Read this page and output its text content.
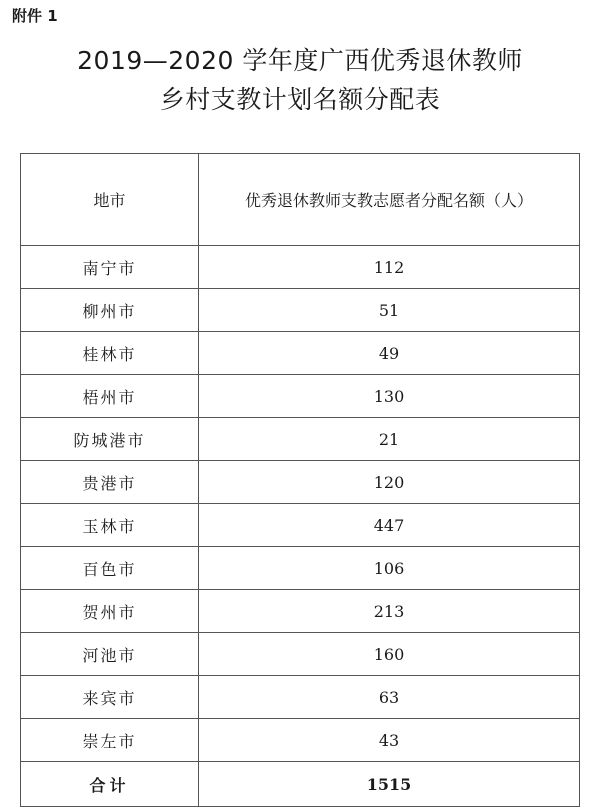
附件 1
2019—2020 学年度广西优秀退休教师
乡村支教计划名额分配表
地市	优秀退休教师支教志愿者分配名额（人）
南宁市	112
柳州市	51
桂林市	49
梧州市	130
防城港市	21
贵港市	120
玉林市	447
百色市	106
贺州市	213
河池市	160
来宾市	63
崇左市	43
合计	1515
